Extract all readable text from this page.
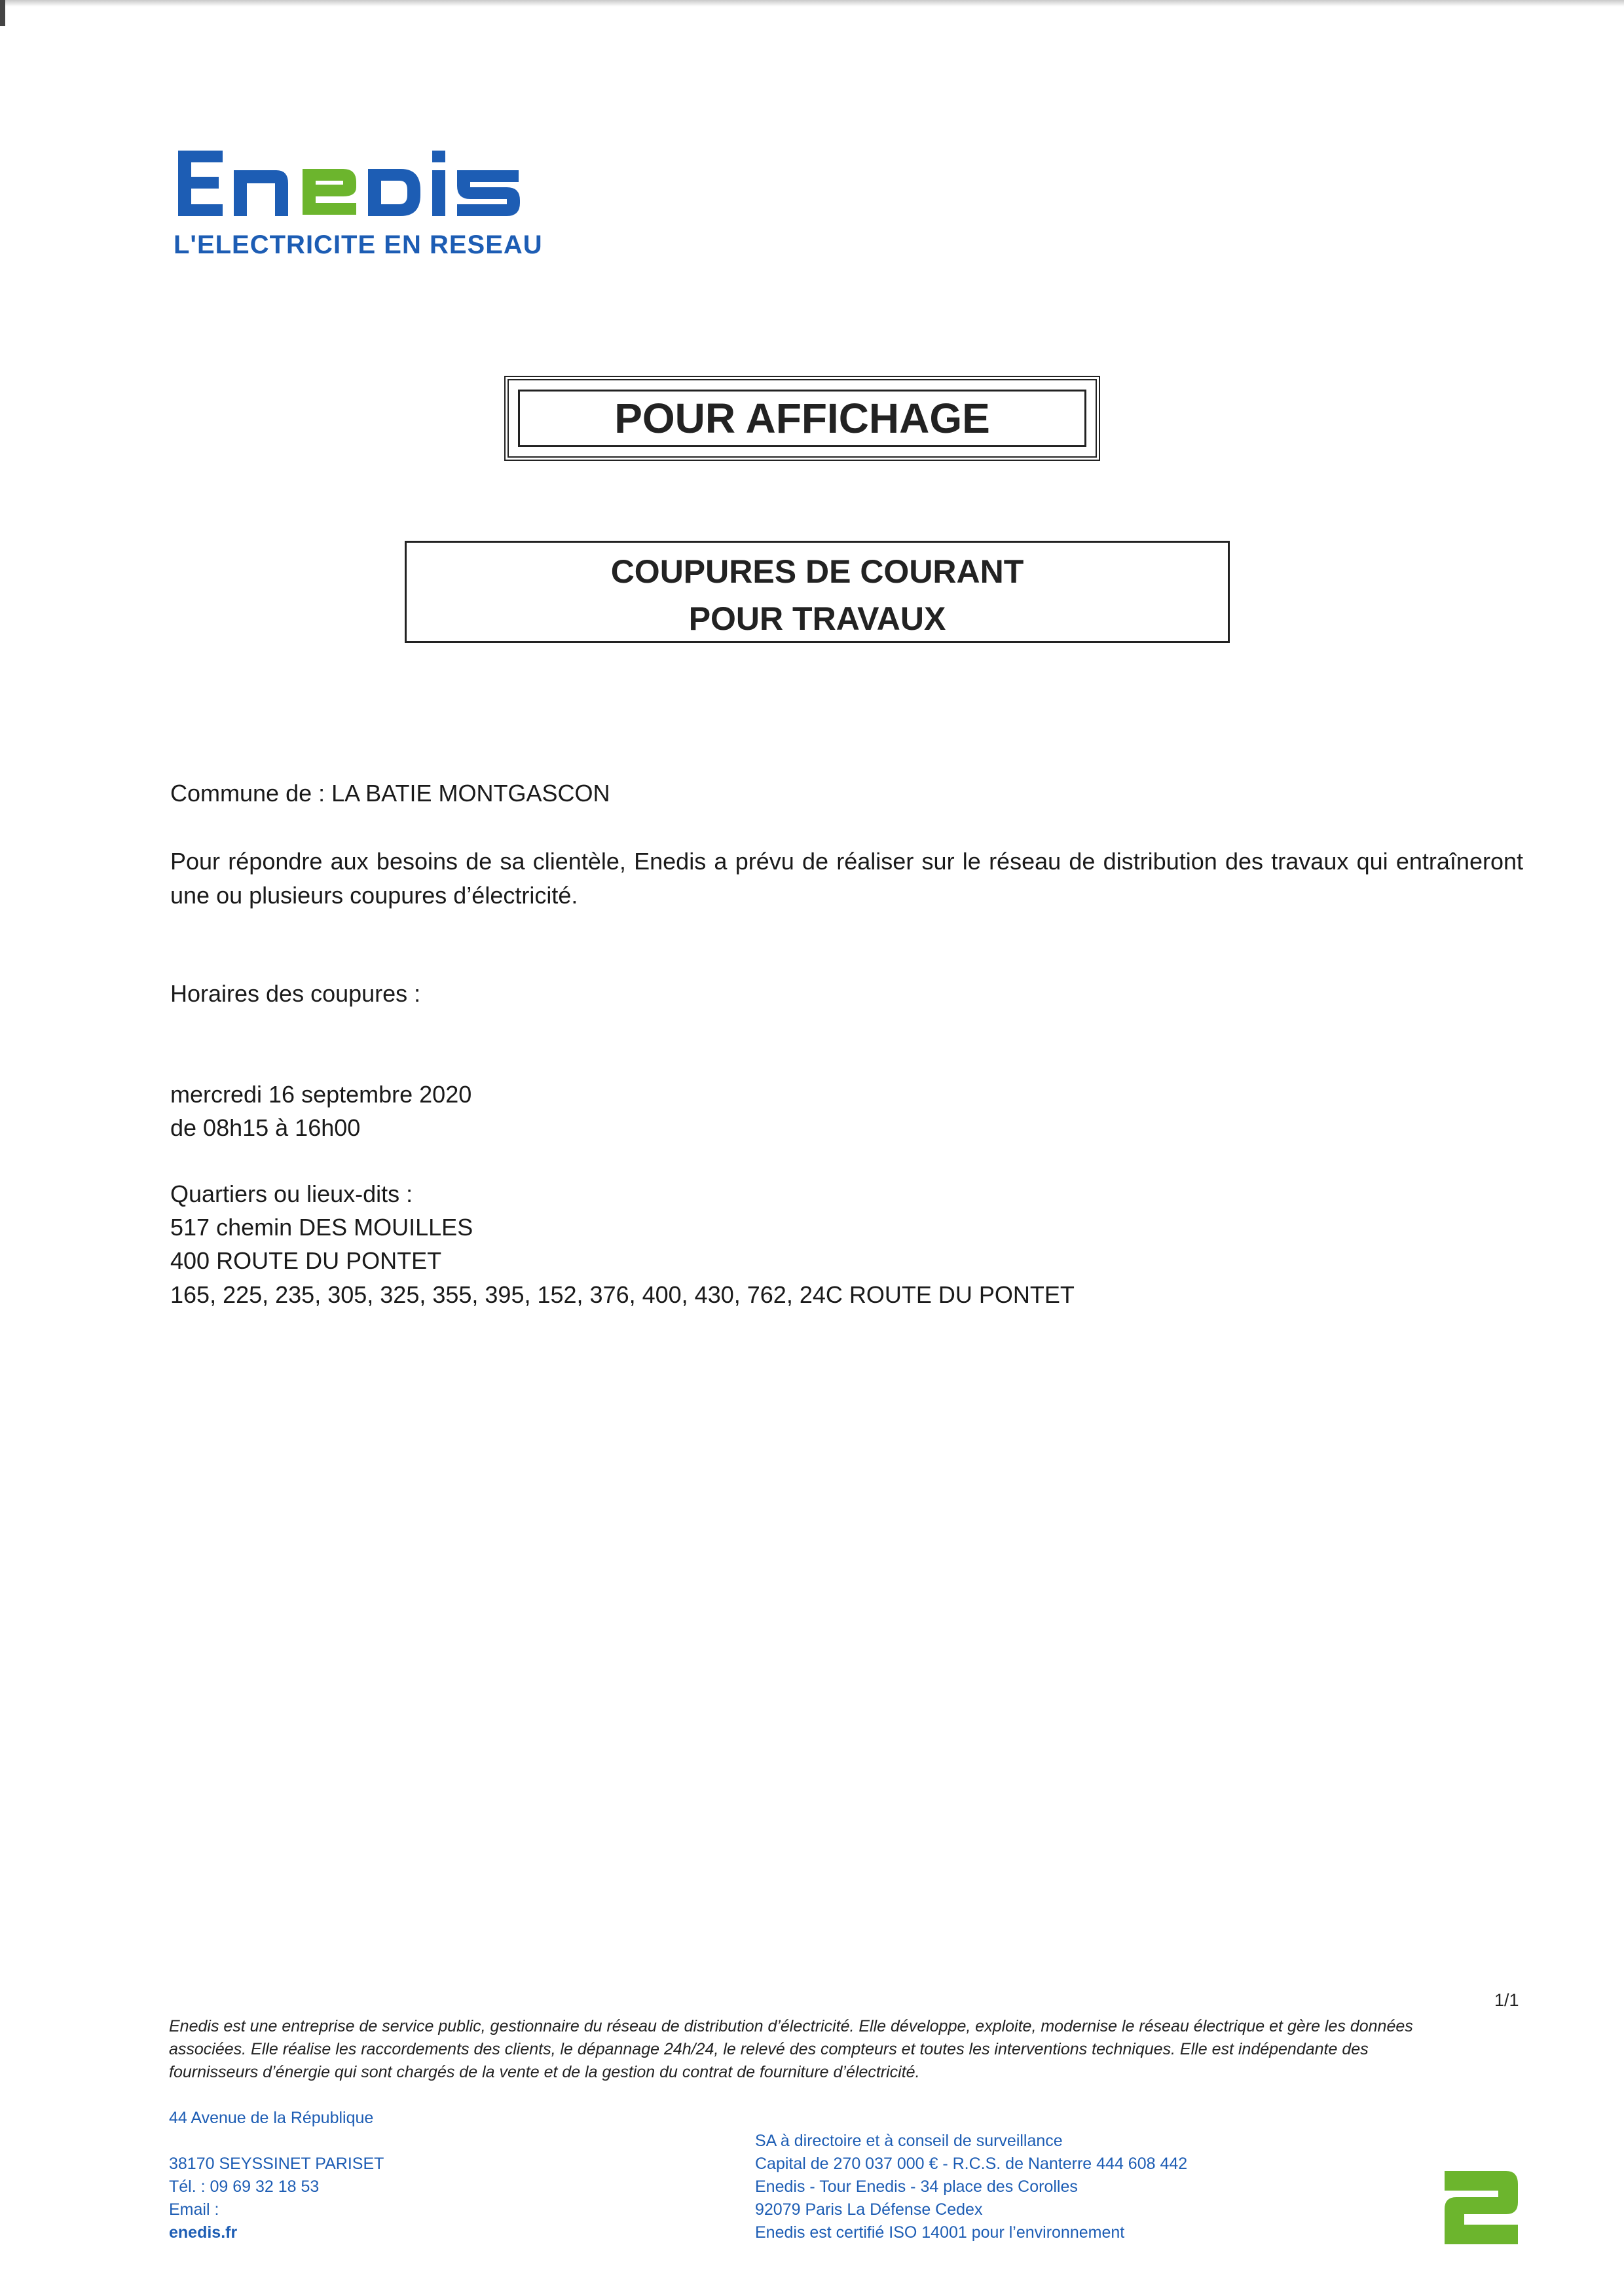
L'ELECTRICITE EN RESEAU
POUR AFFICHAGE
COUPURES DE COURANT
POUR TRAVAUX
Commune de : LA BATIE MONTGASCON
Pour répondre aux besoins de sa clientèle, Enedis a prévu de réaliser sur le réseau de distribution des travaux qui entraîneront une ou plusieurs coupures d’électricité.
Horaires des coupures :
mercredi 16 septembre 2020
de 08h15 à 16h00
Quartiers ou lieux-dits :
517 chemin DES MOUILLES
400 ROUTE DU PONTET
165, 225, 235, 305, 325, 355, 395, 152, 376, 400, 430, 762, 24C ROUTE DU PONTET
1/1
Enedis est une entreprise de service public, gestionnaire du réseau de distribution d’électricité. Elle développe, exploite, modernise le réseau électrique et gère les données
associées. Elle réalise les raccordements des clients, le dépannage 24h/24, le relevé des compteurs et toutes les interventions techniques. Elle est indépendante des
fournisseurs d’énergie qui sont chargés de la vente et de la gestion du contrat de fourniture d’électricité.
44 Avenue de la République
38170 SEYSSINET PARISET
Tél. : 09 69 32 18 53
Email :
enedis.fr
SA à directoire et à conseil de surveillance
Capital de 270 037 000 € - R.C.S. de Nanterre 444 608 442
Enedis - Tour Enedis - 34 place des Corolles
92079 Paris La Défense Cedex
Enedis est certifié ISO 14001 pour l’environnement
